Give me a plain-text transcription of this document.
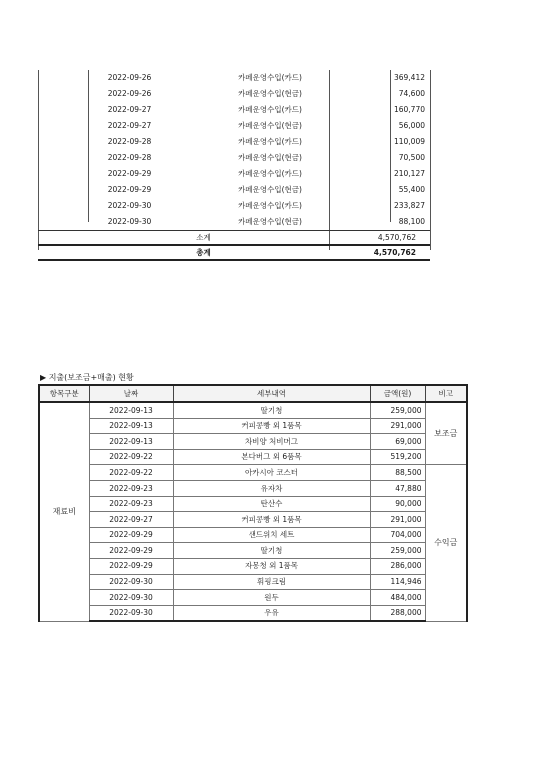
	2022-09-26	카페운영수입(카드)	369,412	
	2022-09-26	카페운영수입(현금)	74,600	
	2022-09-27	카페운영수입(카드)	160,770	
	2022-09-27	카페운영수입(현금)	56,000	
	2022-09-28	카페운영수입(카드)	110,009	
	2022-09-28	카페운영수입(현금)	70,500	
	2022-09-29	카페운영수입(카드)	210,127	
	2022-09-29	카페운영수입(현금)	55,400	
	2022-09-30	카페운영수입(카드)	233,827	
	2022-09-30	카페운영수입(현금)	88,100	
소계			4,570,762	
총계			4,570,762	
▶ 지출(보조금+매출) 현황
항목구분	날짜	세부내역	금액(원)	비고
재료비	2022-09-13	딸기청	259,000	보조금
	2022-09-13	커피콩빵 외 1품목	291,000	
	2022-09-13	차비양 처비머그	69,000	
	2022-09-22	본다버그 외 6품목	519,200	
	2022-09-22	아카시아 코스터	88,500	수익금
	2022-09-23	유자차	47,880	
	2022-09-23	탄산수	90,000	
	2022-09-27	커피콩빵 외 1품목	291,000	
	2022-09-29	샌드위치 세트	704,000	
	2022-09-29	딸기청	259,000	
	2022-09-29	자몽청 외 1품목	286,000	
	2022-09-30	휘핑크림	114,946	
	2022-09-30	원두	484,000	
	2022-09-30	우유	288,000	
